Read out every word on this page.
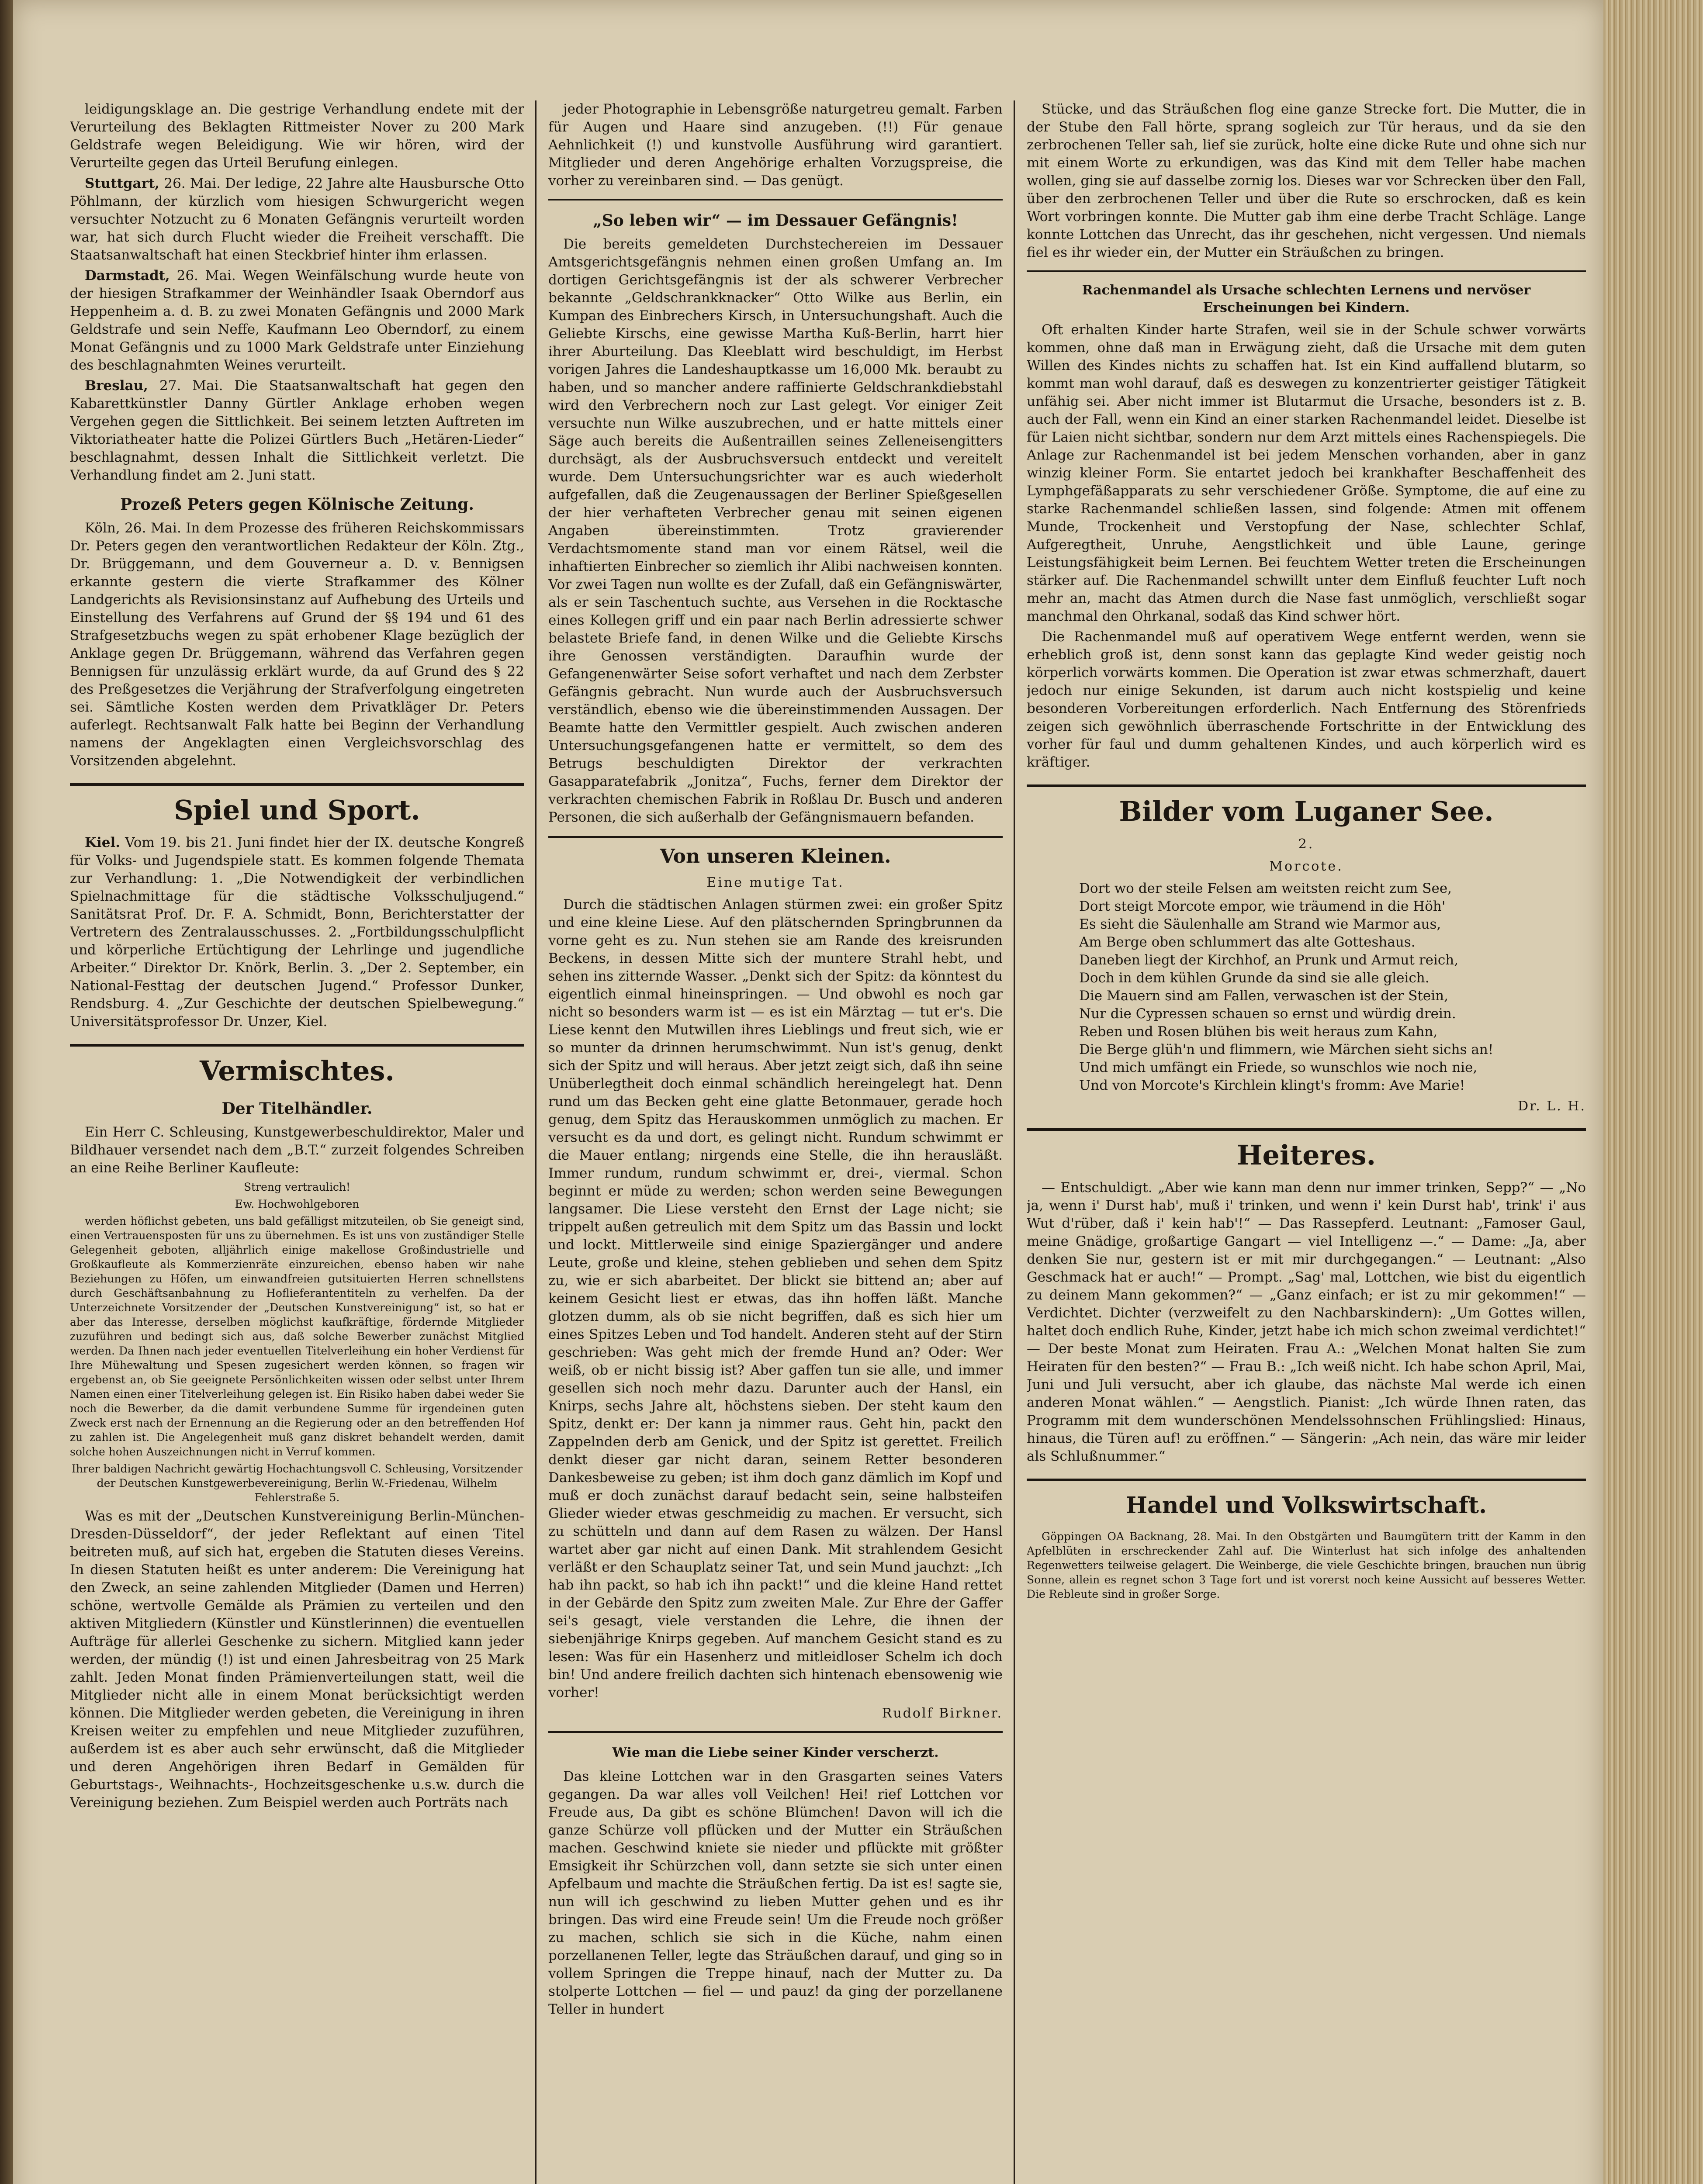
leidigungsklage an. Die gestrige Verhandlung endete mit der Verurteilung des Beklagten Rittmeister Nover zu 200 Mark Geldstrafe wegen Beleidigung. Wie wir hören, wird der Verurteilte gegen das Urteil Berufung einlegen.

Stuttgart, 26. Mai. Der ledige, 22 Jahre alte Hausbursche Otto Pöhlmann, der kürzlich vom hiesigen Schwurgericht wegen versuchter Notzucht zu 6 Monaten Gefängnis verurteilt worden war, hat sich durch Flucht wieder die Freiheit verschafft. Die Staatsanwaltschaft hat einen Steckbrief hinter ihm erlassen.

Darmstadt, 26. Mai. Wegen Weinfälschung wurde heute von der hiesigen Strafkammer der Weinhändler Isaak Oberndorf aus Heppenheim a. d. B. zu zwei Monaten Gefängnis und 2000 Mark Geldstrafe und sein Neffe, Kaufmann Leo Oberndorf, zu einem Monat Gefängnis und zu 1000 Mark Geldstrafe unter Einziehung des beschlagnahmten Weines verurteilt.

Breslau, 27. Mai. Die Staatsanwaltschaft hat gegen den Kabarettkünstler Danny Gürtler Anklage erhoben wegen Vergehen gegen die Sittlichkeit. Bei seinem letzten Auftreten im Viktoriatheater hatte die Polizei Gürtlers Buch „Hetären-Lieder“ beschlagnahmt, dessen Inhalt die Sittlichkeit verletzt. Die Verhandlung findet am 2. Juni statt.

Prozeß Peters gegen Kölnische Zeitung.

Köln, 26. Mai. In dem Prozesse des früheren Reichskommissars Dr. Peters gegen den verantwortlichen Redakteur der Köln. Ztg., Dr. Brüggemann, und dem Gouverneur a. D. v. Bennigsen erkannte gestern die vierte Strafkammer des Kölner Landgerichts als Revisionsinstanz auf Aufhebung des Urteils und Einstellung des Verfahrens auf Grund der §§ 194 und 61 des Strafgesetzbuchs wegen zu spät erhobener Klage bezüglich der Anklage gegen Dr. Brüggemann, während das Verfahren gegen Bennigsen für unzulässig erklärt wurde, da auf Grund des § 22 des Preßgesetzes die Verjährung der Strafverfolgung eingetreten sei. Sämtliche Kosten werden dem Privatkläger Dr. Peters auferlegt. Rechtsanwalt Falk hatte bei Beginn der Verhandlung namens der Angeklagten einen Vergleichsvorschlag des Vorsitzenden abgelehnt.

Spiel und Sport.

Kiel. Vom 19. bis 21. Juni findet hier der IX. deutsche Kongreß für Volks- und Jugendspiele statt. Es kommen folgende Themata zur Verhandlung: 1. „Die Notwendigkeit der verbindlichen Spielnachmittage für die städtische Volksschuljugend.“ Sanitätsrat Prof. Dr. F. A. Schmidt, Bonn, Berichterstatter der Vertretern des Zentralausschusses. 2. „Fortbildungsschulpflicht und körperliche Ertüchtigung der Lehrlinge und jugendliche Arbeiter.“ Direktor Dr. Knörk, Berlin. 3. „Der 2. September, ein National-Festtag der deutschen Jugend.“ Professor Dunker, Rendsburg. 4. „Zur Geschichte der deutschen Spielbewegung.“ Universitätsprofessor Dr. Unzer, Kiel.

Vermischtes.
Der Titelhändler.

Ein Herr C. Schleusing, Kunstgewerbeschuldirektor, Maler und Bildhauer versendet nach dem „B.T.“ zurzeit folgendes Schreiben an eine Reihe Berliner Kaufleute:

Streng vertraulich!

Ew. Hochwohlgeboren

werden höflichst gebeten, uns bald gefälligst mitzuteilen, ob Sie geneigt sind, einen Vertrauensposten für uns zu übernehmen. Es ist uns von zuständiger Stelle Gelegenheit geboten, alljährlich einige makellose Großindustrielle und Großkaufleute als Kommerzienräte einzureichen, ebenso haben wir nahe Beziehungen zu Höfen, um einwandfreien gutsituierten Herren schnellstens durch Geschäftsanbahnung zu Hoflieferantentiteln zu verhelfen. Da der Unterzeichnete Vorsitzender der „Deutschen Kunstvereinigung“ ist, so hat er aber das Interesse, derselben möglichst kaufkräftige, fördernde Mitglieder zuzuführen und bedingt sich aus, daß solche Bewerber zunächst Mitglied werden. Da Ihnen nach jeder eventuellen Titelverleihung ein hoher Verdienst für Ihre Mühewaltung und Spesen zugesichert werden können, so fragen wir ergebenst an, ob Sie geeignete Persönlichkeiten wissen oder selbst unter Ihrem Namen einen einer Titelverleihung gelegen ist. Ein Risiko haben dabei weder Sie noch die Bewerber, da die damit verbundene Summe für irgendeinen guten Zweck erst nach der Ernennung an die Regierung oder an den betreffenden Hof zu zahlen ist. Die Angelegenheit muß ganz diskret behandelt werden, damit solche hohen Auszeichnungen nicht in Verruf kommen.

Ihrer baldigen Nachricht gewärtig Hochachtungsvoll C. Schleusing, Vorsitzender der Deutschen Kunstgewerbevereinigung, Berlin W.-Friedenau, Wilhelm Fehlerstraße 5.

Was es mit der „Deutschen Kunstvereinigung Berlin-München-Dresden-Düsseldorf“, der jeder Reflektant auf einen Titel beitreten muß, auf sich hat, ergeben die Statuten dieses Vereins. In diesen Statuten heißt es unter anderem: Die Vereinigung hat den Zweck, an seine zahlenden Mitglieder (Damen und Herren) schöne, wertvolle Gemälde als Prämien zu verteilen und den aktiven Mitgliedern (Künstler und Künstlerinnen) die eventuellen Aufträge für allerlei Geschenke zu sichern. Mitglied kann jeder werden, der mündig (!) ist und einen Jahresbeitrag von 25 Mark zahlt. Jeden Monat finden Prämienverteilungen statt, weil die Mitglieder nicht alle in einem Monat berücksichtigt werden können. Die Mitglieder werden gebeten, die Vereinigung in ihren Kreisen weiter zu empfehlen und neue Mitglieder zuzuführen, außerdem ist es aber auch sehr erwünscht, daß die Mitglieder und deren Angehörigen ihren Bedarf in Gemälden für Geburtstags-, Weihnachts-, Hochzeitsgeschenke u.s.w. durch die Vereinigung beziehen. Zum Beispiel werden auch Porträts nach

jeder Photographie in Lebensgröße naturgetreu gemalt. Farben für Augen und Haare sind anzugeben. (!!) Für genaue Aehnlichkeit (!) und kunstvolle Ausführung wird garantiert. Mitglieder und deren Angehörige erhalten Vorzugspreise, die vorher zu vereinbaren sind. — Das genügt.

„So leben wir“ — im Dessauer Gefängnis!

Die bereits gemeldeten Durchstechereien im Dessauer Amtsgerichtsgefängnis nehmen einen großen Umfang an. Im dortigen Gerichtsgefängnis ist der als schwerer Verbrecher bekannte „Geldschrankknacker“ Otto Wilke aus Berlin, ein Kumpan des Einbrechers Kirsch, in Untersuchungshaft. Auch die Geliebte Kirschs, eine gewisse Martha Kuß-Berlin, harrt hier ihrer Aburteilung. Das Kleeblatt wird beschuldigt, im Herbst vorigen Jahres die Landeshauptkasse um 16,000 Mk. beraubt zu haben, und so mancher andere raffinierte Geldschrankdiebstahl wird den Verbrechern noch zur Last gelegt. Vor einiger Zeit versuchte nun Wilke auszubrechen, und er hatte mittels einer Säge auch bereits die Außentraillen seines Zelleneisengitters durchsägt, als der Ausbruchsversuch entdeckt und vereitelt wurde. Dem Untersuchungsrichter war es auch wiederholt aufgefallen, daß die Zeugenaussagen der Berliner Spießgesellen der hier verhafteten Verbrecher genau mit seinen eigenen Angaben übereinstimmten. Trotz gravierender Verdachtsmomente stand man vor einem Rätsel, weil die inhaftierten Einbrecher so ziemlich ihr Alibi nachweisen konnten. Vor zwei Tagen nun wollte es der Zufall, daß ein Gefängniswärter, als er sein Taschentuch suchte, aus Versehen in die Rocktasche eines Kollegen griff und ein paar nach Berlin adressierte schwer belastete Briefe fand, in denen Wilke und die Geliebte Kirschs ihre Genossen verständigten. Daraufhin wurde der Gefangenenwärter Seise sofort verhaftet und nach dem Zerbster Gefängnis gebracht. Nun wurde auch der Ausbruchsversuch verständlich, ebenso wie die übereinstimmenden Aussagen. Der Beamte hatte den Vermittler gespielt. Auch zwischen anderen Untersuchungsgefangenen hatte er vermittelt, so dem des Betrugs beschuldigten Direktor der verkrachten Gasapparatefabrik „Jonitza“, Fuchs, ferner dem Direktor der verkrachten chemischen Fabrik in Roßlau Dr. Busch und anderen Personen, die sich außerhalb der Gefängnismauern befanden.

Von unseren Kleinen.
Eine mutige Tat.

Durch die städtischen Anlagen stürmen zwei: ein großer Spitz und eine kleine Liese. Auf den plätschernden Springbrunnen da vorne geht es zu. Nun stehen sie am Rande des kreisrunden Beckens, in dessen Mitte sich der muntere Strahl hebt, und sehen ins zitternde Wasser. „Denkt sich der Spitz: da könntest du eigentlich einmal hineinspringen. — Und obwohl es noch gar nicht so besonders warm ist — es ist ein Märztag — tut er's. Die Liese kennt den Mutwillen ihres Lieblings und freut sich, wie er so munter da drinnen herumschwimmt. Nun ist's genug, denkt sich der Spitz und will heraus. Aber jetzt zeigt sich, daß ihn seine Unüberlegtheit doch einmal schändlich hereingelegt hat. Denn rund um das Becken geht eine glatte Betonmauer, gerade hoch genug, dem Spitz das Herauskommen unmöglich zu machen. Er versucht es da und dort, es gelingt nicht. Rundum schwimmt er die Mauer entlang; nirgends eine Stelle, die ihn herausläßt. Immer rundum, rundum schwimmt er, drei-, viermal. Schon beginnt er müde zu werden; schon werden seine Bewegungen langsamer. Die Liese versteht den Ernst der Lage nicht; sie trippelt außen getreulich mit dem Spitz um das Bassin und lockt und lockt. Mittlerweile sind einige Spaziergänger und andere Leute, große und kleine, stehen geblieben und sehen dem Spitz zu, wie er sich abarbeitet. Der blickt sie bittend an; aber auf keinem Gesicht liest er etwas, das ihn hoffen läßt. Manche glotzen dumm, als ob sie nicht begriffen, daß es sich hier um eines Spitzes Leben und Tod handelt. Anderen steht auf der Stirn geschrieben: Was geht mich der fremde Hund an? Oder: Wer weiß, ob er nicht bissig ist? Aber gaffen tun sie alle, und immer gesellen sich noch mehr dazu. Darunter auch der Hansl, ein Knirps, sechs Jahre alt, höchstens sieben. Der steht kaum den Spitz, denkt er: Der kann ja nimmer raus. Geht hin, packt den Zappelnden derb am Genick, und der Spitz ist gerettet. Freilich denkt dieser gar nicht daran, seinem Retter besonderen Dankesbeweise zu geben; ist ihm doch ganz dämlich im Kopf und muß er doch zunächst darauf bedacht sein, seine halbsteifen Glieder wieder etwas geschmeidig zu machen. Er versucht, sich zu schütteln und dann auf dem Rasen zu wälzen. Der Hansl wartet aber gar nicht auf einen Dank. Mit strahlendem Gesicht verläßt er den Schauplatz seiner Tat, und sein Mund jauchzt: „Ich hab ihn packt, so hab ich ihn packt!“ und die kleine Hand rettet in der Gebärde den Spitz zum zweiten Male. Zur Ehre der Gaffer sei's gesagt, viele verstanden die Lehre, die ihnen der siebenjährige Knirps gegeben. Auf manchem Gesicht stand es zu lesen: Was für ein Hasenherz und mitleidloser Schelm ich doch bin! Und andere freilich dachten sich hintenach ebensowenig wie vorher!

Rudolf Birkner.
Wie man die Liebe seiner Kinder verscherzt.

Das kleine Lottchen war in den Grasgarten seines Vaters gegangen. Da war alles voll Veilchen! Hei! rief Lottchen vor Freude aus, Da gibt es schöne Blümchen! Davon will ich die ganze Schürze voll pflücken und der Mutter ein Sträußchen machen. Geschwind kniete sie nieder und pflückte mit größter Emsigkeit ihr Schürzchen voll, dann setzte sie sich unter einen Apfelbaum und machte die Sträußchen fertig. Da ist es! sagte sie, nun will ich geschwind zu lieben Mutter gehen und es ihr bringen. Das wird eine Freude sein! Um die Freude noch größer zu machen, schlich sie sich in die Küche, nahm einen porzellanenen Teller, legte das Sträußchen darauf, und ging so in vollem Springen die Treppe hinauf, nach der Mutter zu. Da stolperte Lottchen — fiel — und pauz! da ging der porzellanene Teller in hundert

Stücke, und das Sträußchen flog eine ganze Strecke fort. Die Mutter, die in der Stube den Fall hörte, sprang sogleich zur Tür heraus, und da sie den zerbrochenen Teller sah, lief sie zurück, holte eine dicke Rute und ohne sich nur mit einem Worte zu erkundigen, was das Kind mit dem Teller habe machen wollen, ging sie auf dasselbe zornig los. Dieses war vor Schrecken über den Fall, über den zerbrochenen Teller und über die Rute so erschrocken, daß es kein Wort vorbringen konnte. Die Mutter gab ihm eine derbe Tracht Schläge. Lange konnte Lottchen das Unrecht, das ihr geschehen, nicht vergessen. Und niemals fiel es ihr wieder ein, der Mutter ein Sträußchen zu bringen.

Rachenmandel als Ursache schlechten Lernens und nervöser Erscheinungen bei Kindern.

Oft erhalten Kinder harte Strafen, weil sie in der Schule schwer vorwärts kommen, ohne daß man in Erwägung zieht, daß die Ursache mit dem guten Willen des Kindes nichts zu schaffen hat. Ist ein Kind auffallend blutarm, so kommt man wohl darauf, daß es deswegen zu konzentrierter geistiger Tätigkeit unfähig sei. Aber nicht immer ist Blutarmut die Ursache, besonders ist z. B. auch der Fall, wenn ein Kind an einer starken Rachenmandel leidet. Dieselbe ist für Laien nicht sichtbar, sondern nur dem Arzt mittels eines Rachenspiegels. Die Anlage zur Rachenmandel ist bei jedem Menschen vorhanden, aber in ganz winzig kleiner Form. Sie entartet jedoch bei krankhafter Beschaffenheit des Lymphgefäßapparats zu sehr verschiedener Größe. Symptome, die auf eine zu starke Rachenmandel schließen lassen, sind folgende: Atmen mit offenem Munde, Trockenheit und Verstopfung der Nase, schlechter Schlaf, Aufgeregtheit, Unruhe, Aengstlichkeit und üble Laune, geringe Leistungsfähigkeit beim Lernen. Bei feuchtem Wetter treten die Erscheinungen stärker auf. Die Rachenmandel schwillt unter dem Einfluß feuchter Luft noch mehr an, macht das Atmen durch die Nase fast unmöglich, verschließt sogar manchmal den Ohrkanal, sodaß das Kind schwer hört.

Die Rachenmandel muß auf operativem Wege entfernt werden, wenn sie erheblich groß ist, denn sonst kann das geplagte Kind weder geistig noch körperlich vorwärts kommen. Die Operation ist zwar etwas schmerzhaft, dauert jedoch nur einige Sekunden, ist darum auch nicht kostspielig und keine besonderen Vorbereitungen erforderlich. Nach Entfernung des Störenfrieds zeigen sich gewöhnlich überraschende Fortschritte in der Entwicklung des vorher für faul und dumm gehaltenen Kindes, und auch körperlich wird es kräftiger.

Bilder vom Luganer See.
2.
Morcote.

Dort wo der steile Felsen am weitsten reicht zum See,

Dort steigt Morcote empor, wie träumend in die Höh'

Es sieht die Säulenhalle am Strand wie Marmor aus,

Am Berge oben schlummert das alte Gotteshaus.

Daneben liegt der Kirchhof, an Prunk und Armut reich,

Doch in dem kühlen Grunde da sind sie alle gleich.

Die Mauern sind am Fallen, verwaschen ist der Stein,

Nur die Cypressen schauen so ernst und würdig drein.

Reben und Rosen blühen bis weit heraus zum Kahn,

Die Berge glüh'n und flimmern, wie Märchen sieht sichs an!

Und mich umfängt ein Friede, so wunschlos wie noch nie,

Und von Morcote's Kirchlein klingt's fromm: Ave Marie!

Dr. L. H.
Heiteres.

— Entschuldigt. „Aber wie kann man denn nur immer trinken, Sepp?“ — „No ja, wenn i' Durst hab', muß i' trinken, und wenn i' kein Durst hab', trink' i' aus Wut d'rüber, daß i' kein hab'!“ — Das Rassepferd. Leutnant: „Famoser Gaul, meine Gnädige, großartige Gangart — viel Intelligenz —.“ — Dame: „Ja, aber denken Sie nur, gestern ist er mit mir durchgegangen.“ — Leutnant: „Also Geschmack hat er auch!“ — Prompt. „Sag' mal, Lottchen, wie bist du eigentlich zu deinem Mann gekommen?“ — „Ganz einfach; er ist zu mir gekommen!“ — Verdichtet. Dichter (verzweifelt zu den Nachbarskindern): „Um Gottes willen, haltet doch endlich Ruhe, Kinder, jetzt habe ich mich schon zweimal verdichtet!“ — Der beste Monat zum Heiraten. Frau A.: „Welchen Monat halten Sie zum Heiraten für den besten?“ — Frau B.: „Ich weiß nicht. Ich habe schon April, Mai, Juni und Juli versucht, aber ich glaube, das nächste Mal werde ich einen anderen Monat wählen.“ — Aengstlich. Pianist: „Ich würde Ihnen raten, das Programm mit dem wunderschönen Mendelssohnschen Frühlingslied: Hinaus, hinaus, die Türen auf! zu eröffnen.“ — Sängerin: „Ach nein, das wäre mir leider als Schlußnummer.“

Handel und Volkswirtschaft.

Göppingen OA Backnang, 28. Mai. In den Obstgärten und Baumgütern tritt der Kamm in den Apfelblüten in erschreckender Zahl auf. Die Winterlust hat sich infolge des anhaltenden Regenwetters teilweise gelagert. Die Weinberge, die viele Geschichte bringen, brauchen nun übrig Sonne, allein es regnet schon 3 Tage fort und ist vorerst noch keine Aussicht auf besseres Wetter. Die Rebleute sind in großer Sorge.
